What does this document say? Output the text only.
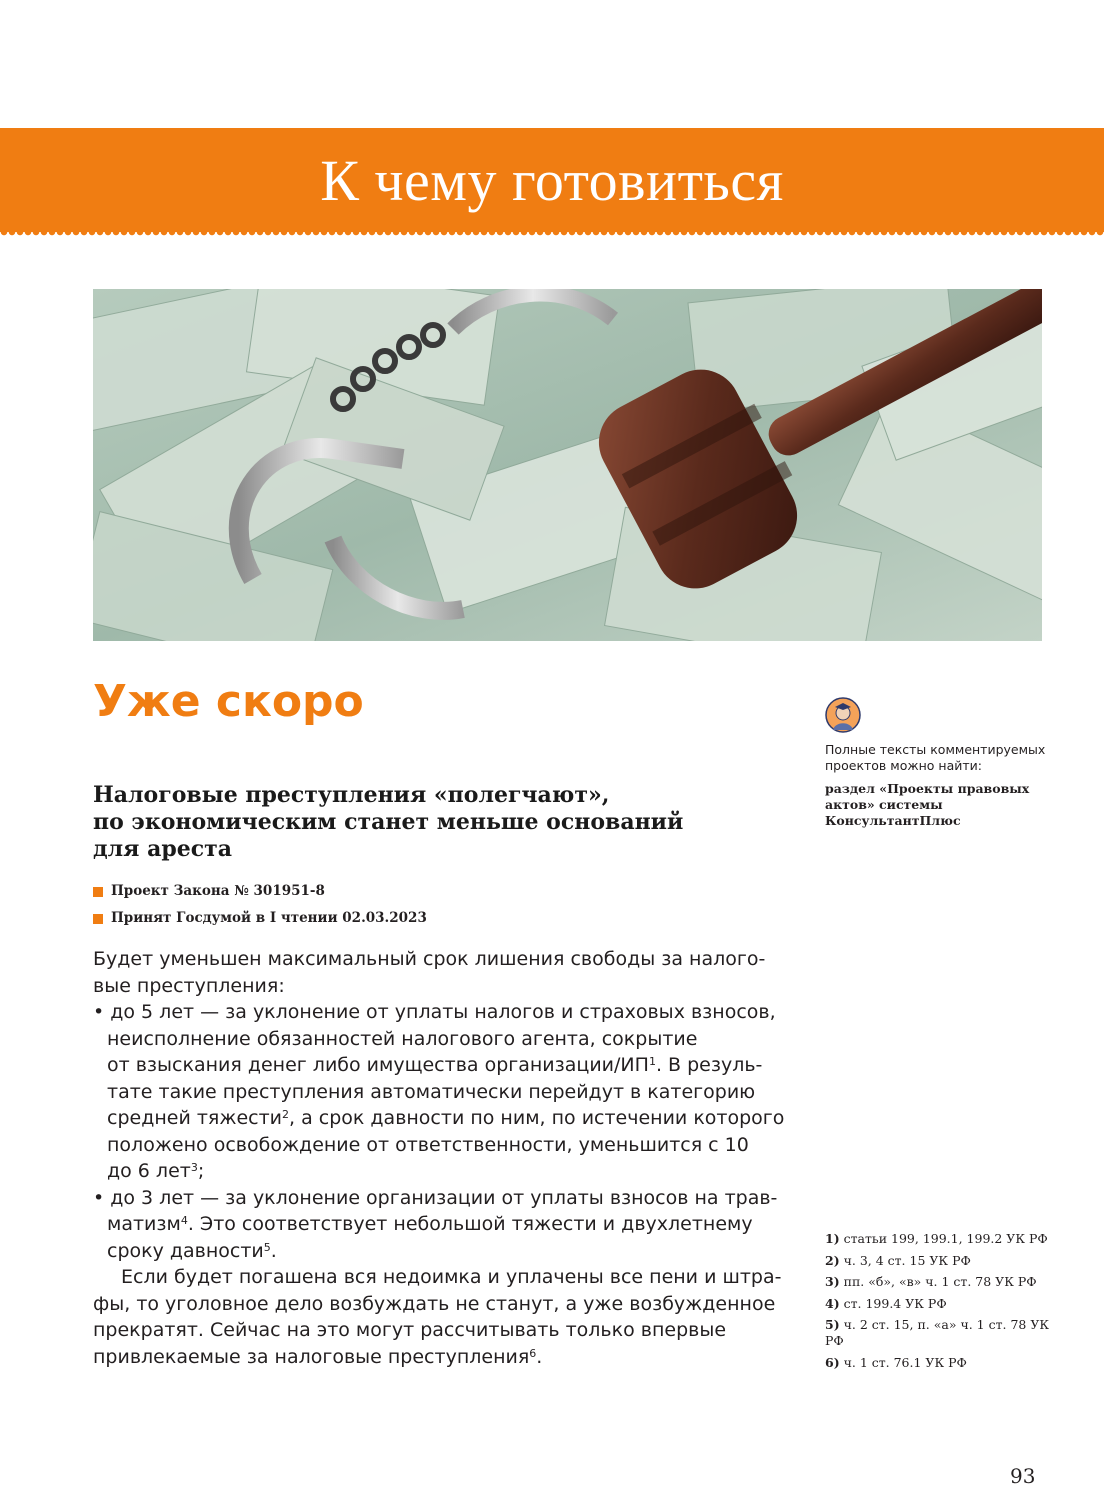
К чему готовиться
Уже скоро
Налоговые преступления «полегчают»,
по экономическим станет меньше оснований
для ареста
Проект Закона № 301951-8
Принят Госдумой в I чтении 02.03.2023
Будет уменьшен максимальный срок лишения свободы за налого-
вые преступления:
• до 5 лет — за уклонение от уплаты налогов и страховых взносов,
неисполнение обязанностей налогового агента, сокрытие
от взыскания денег либо имущества организации/$ИП^1$. В резуль-
тате такие преступления автоматически перейдут в категорию
средней тяжести$^2$, а срок давности по ним, по истечении которого
положено освобождение от ответственности, уменьшится с 10
до 6 лет$^3$;
• до 3 лет — за уклонение организации от уплаты взносов на трав-
матизм$^4$. Это соответствует небольшой тяжести и двухлетнему
сроку давности$^5$.
Если будет погашена вся недоимка и уплачены все пени и штра-
фы, то уголовное дело возбуждать не станут, а уже возбужденное
прекратят. Сейчас на это могут рассчитывать только впервые
привлекаемые за налоговые преступления$^6$.
Полные тексты комментируемых
проектов можно найти:
раздел «Проекты правовых
актов» системы
КонсультантПлюс
1) статьи 199, 199.1, 199.2 УК РФ
2) ч. 3, 4 ст. 15 УК РФ
3) пп. «б», «в» ч. 1 ст. 78 УК РФ
4) ст. 199.4 УК РФ
5) ч. 2 ст. 15, п. «а» ч. 1 ст. 78 УК РФ
6) ч. 1 ст. 76.1 УК РФ
93
